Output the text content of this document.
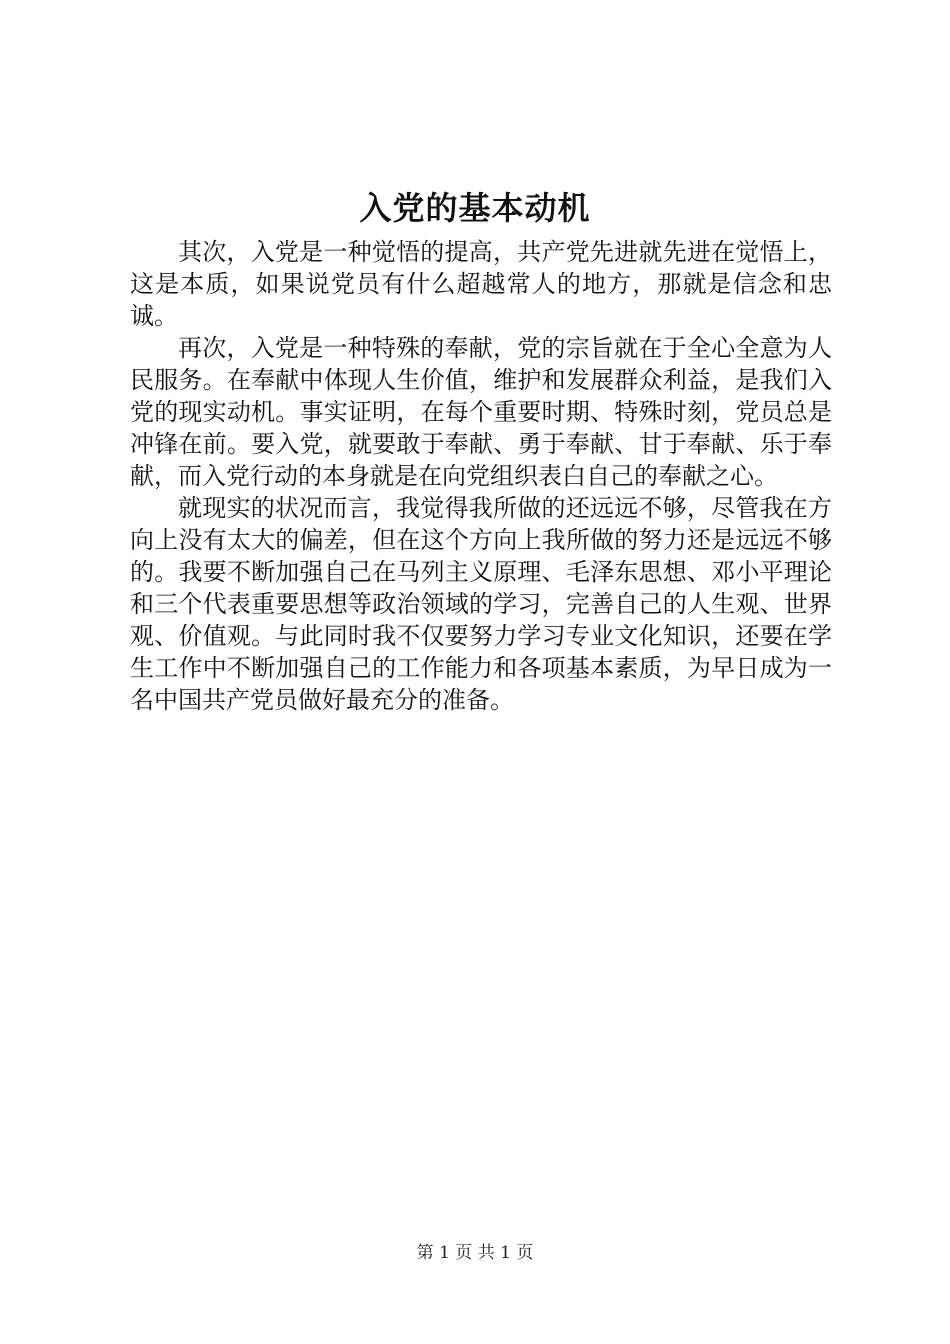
入党的基本动机

其次，入党是一种觉悟的提高，共产党先进就先进在觉悟上，这是本质，如果说党员有什么超越常人的地方，那就是信念和忠诚。

再次，入党是一种特殊的奉献，党的宗旨就在于全心全意为人民服务。在奉献中体现人生价值，维护和发展群众利益，是我们入党的现实动机。事实证明，在每个重要时期、特殊时刻，党员总是冲锋在前。要入党，就要敢于奉献、勇于奉献、甘于奉献、乐于奉献，而入党行动的本身就是在向党组织表白自己的奉献之心。

就现实的状况而言，我觉得我所做的还远远不够，尽管我在方向上没有太大的偏差，但在这个方向上我所做的努力还是远远不够的。我要不断加强自己在马列主义原理、毛泽东思想、邓小平理论和三个代表重要思想等政治领域的学习，完善自己的人生观、世界观、价值观。与此同时我不仅要努力学习专业文化知识，还要在学生工作中不断加强自己的工作能力和各项基本素质，为早日成为一名中国共产党员做好最充分的准备。

第 1 页 共 1 页
